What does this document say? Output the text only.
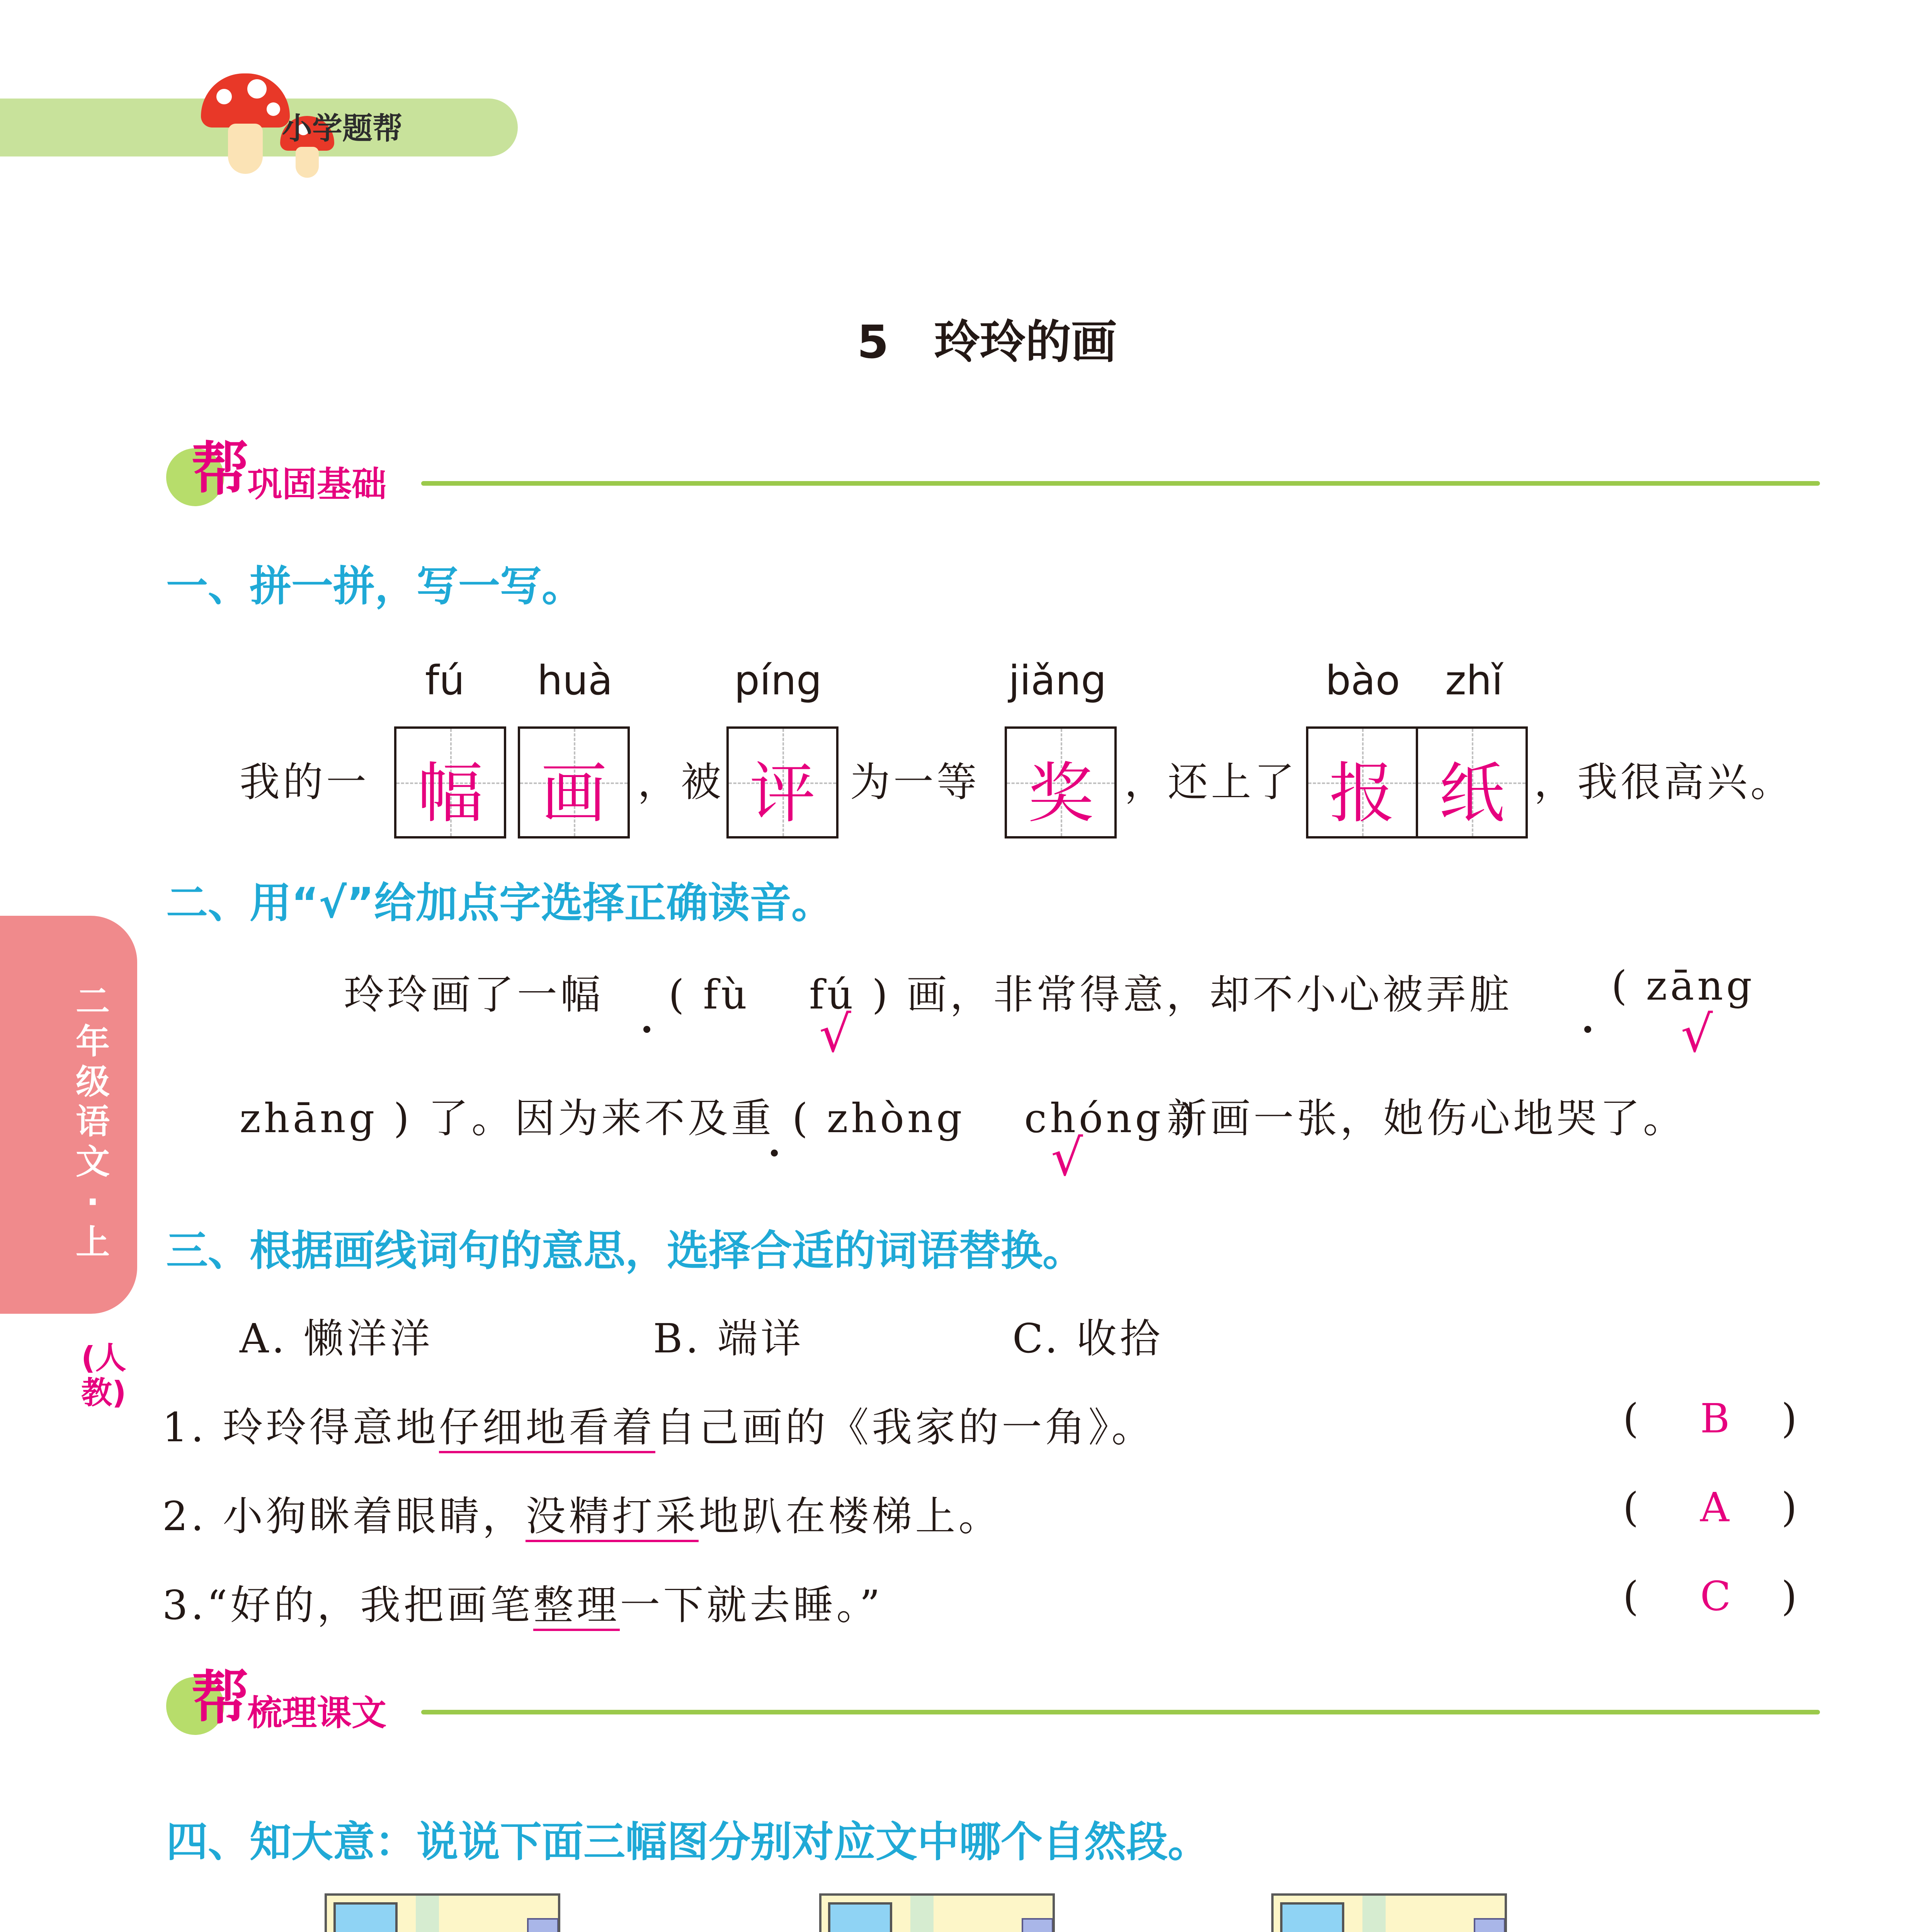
小学题帮
5　玲玲的画
帮
巩固基础
一、拼一拼，写一写。
fú huà	píng	jiǎng	bào zhǐ
我的一 幅 画 ，被 评 为一等 奖 ，还上了 报 纸 ，我很高兴。
二、用“√”给加点字选择正确读音。
玲玲画了一幅 ( fù　 fú ) 画，非常得意，却不小心被弄脏 ( zāng
√	√
zhāng ) 了。因为来不及重 ( zhòng　 chóng )
新画一张，她伤心地哭了。
√
三、根据画线词句的意思，选择合适的词语替换。
A. 懒洋洋	B. 端详	C. 收拾
1. 玲玲得意地仔细地看着自己画的《我家的一角》。	( B )
2. 小狗眯着眼睛，没精打采地趴在楼梯上。	( A )
3.“好的，我把画笔整理一下就去睡。”	( C )
帮
梳理课文
四、知大意：说说下面三幅图分别对应文中哪个自然段。
二年级语文·上
(人教)
